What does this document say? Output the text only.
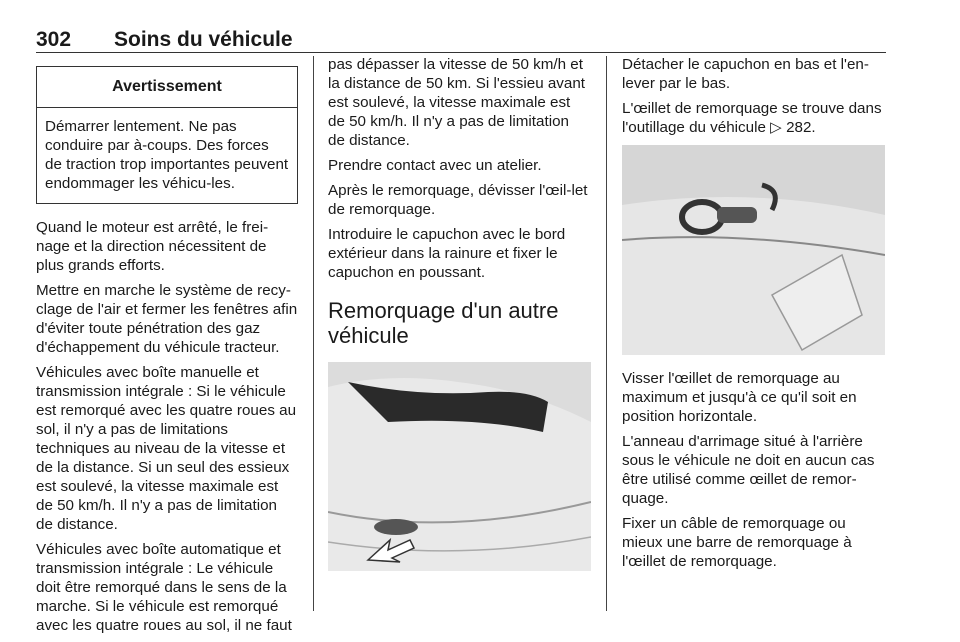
302 Soins du véhicule
Avertissement
Démarrer lentement. Ne pas conduire par à-coups. Des forces de traction trop importantes peuvent endommager les véhicu-les.

Quand le moteur est arrêté, le frei-nage et la direction nécessitent de plus grands efforts.

Mettre en marche le système de recy-clage de l'air et fermer les fenêtres afin d'éviter toute pénétration des gaz d'échappement du véhicule tracteur.

Véhicules avec boîte manuelle et transmission intégrale : Si le véhicule est remorqué avec les quatre roues au sol, il n'y a pas de limitations techniques au niveau de la vitesse et de la distance. Si un seul des essieux est soulevé, la vitesse maximale est de 50 km/h. Il n'y a pas de limitation de distance.

Véhicules avec boîte automatique et transmission intégrale : Le véhicule doit être remorqué dans le sens de la marche. Si le véhicule est remorqué avec les quatre roues au sol, il ne faut

pas dépasser la vitesse de 50 km/h et la distance de 50 km. Si l'essieu avant est soulevé, la vitesse maximale est de 50 km/h. Il n'y a pas de limitation de distance.

Prendre contact avec un atelier.

Après le remorquage, dévisser l'œil-let de remorquage.

Introduire le capuchon avec le bord extérieur dans la rainure et fixer le capuchon en poussant.

Remorquage d'un autre véhicule

Détacher le capuchon en bas et l'en-lever par le bas.

L'œillet de remorquage se trouve dans l'outillage du véhicule ▷ 282.

Visser l'œillet de remorquage au maximum et jusqu'à ce qu'il soit en position horizontale.

L'anneau d'arrimage situé à l'arrière sous le véhicule ne doit en aucun cas être utilisé comme œillet de remor-quage.

Fixer un câble de remorquage ou mieux une barre de remorquage à l'œillet de remorquage.
